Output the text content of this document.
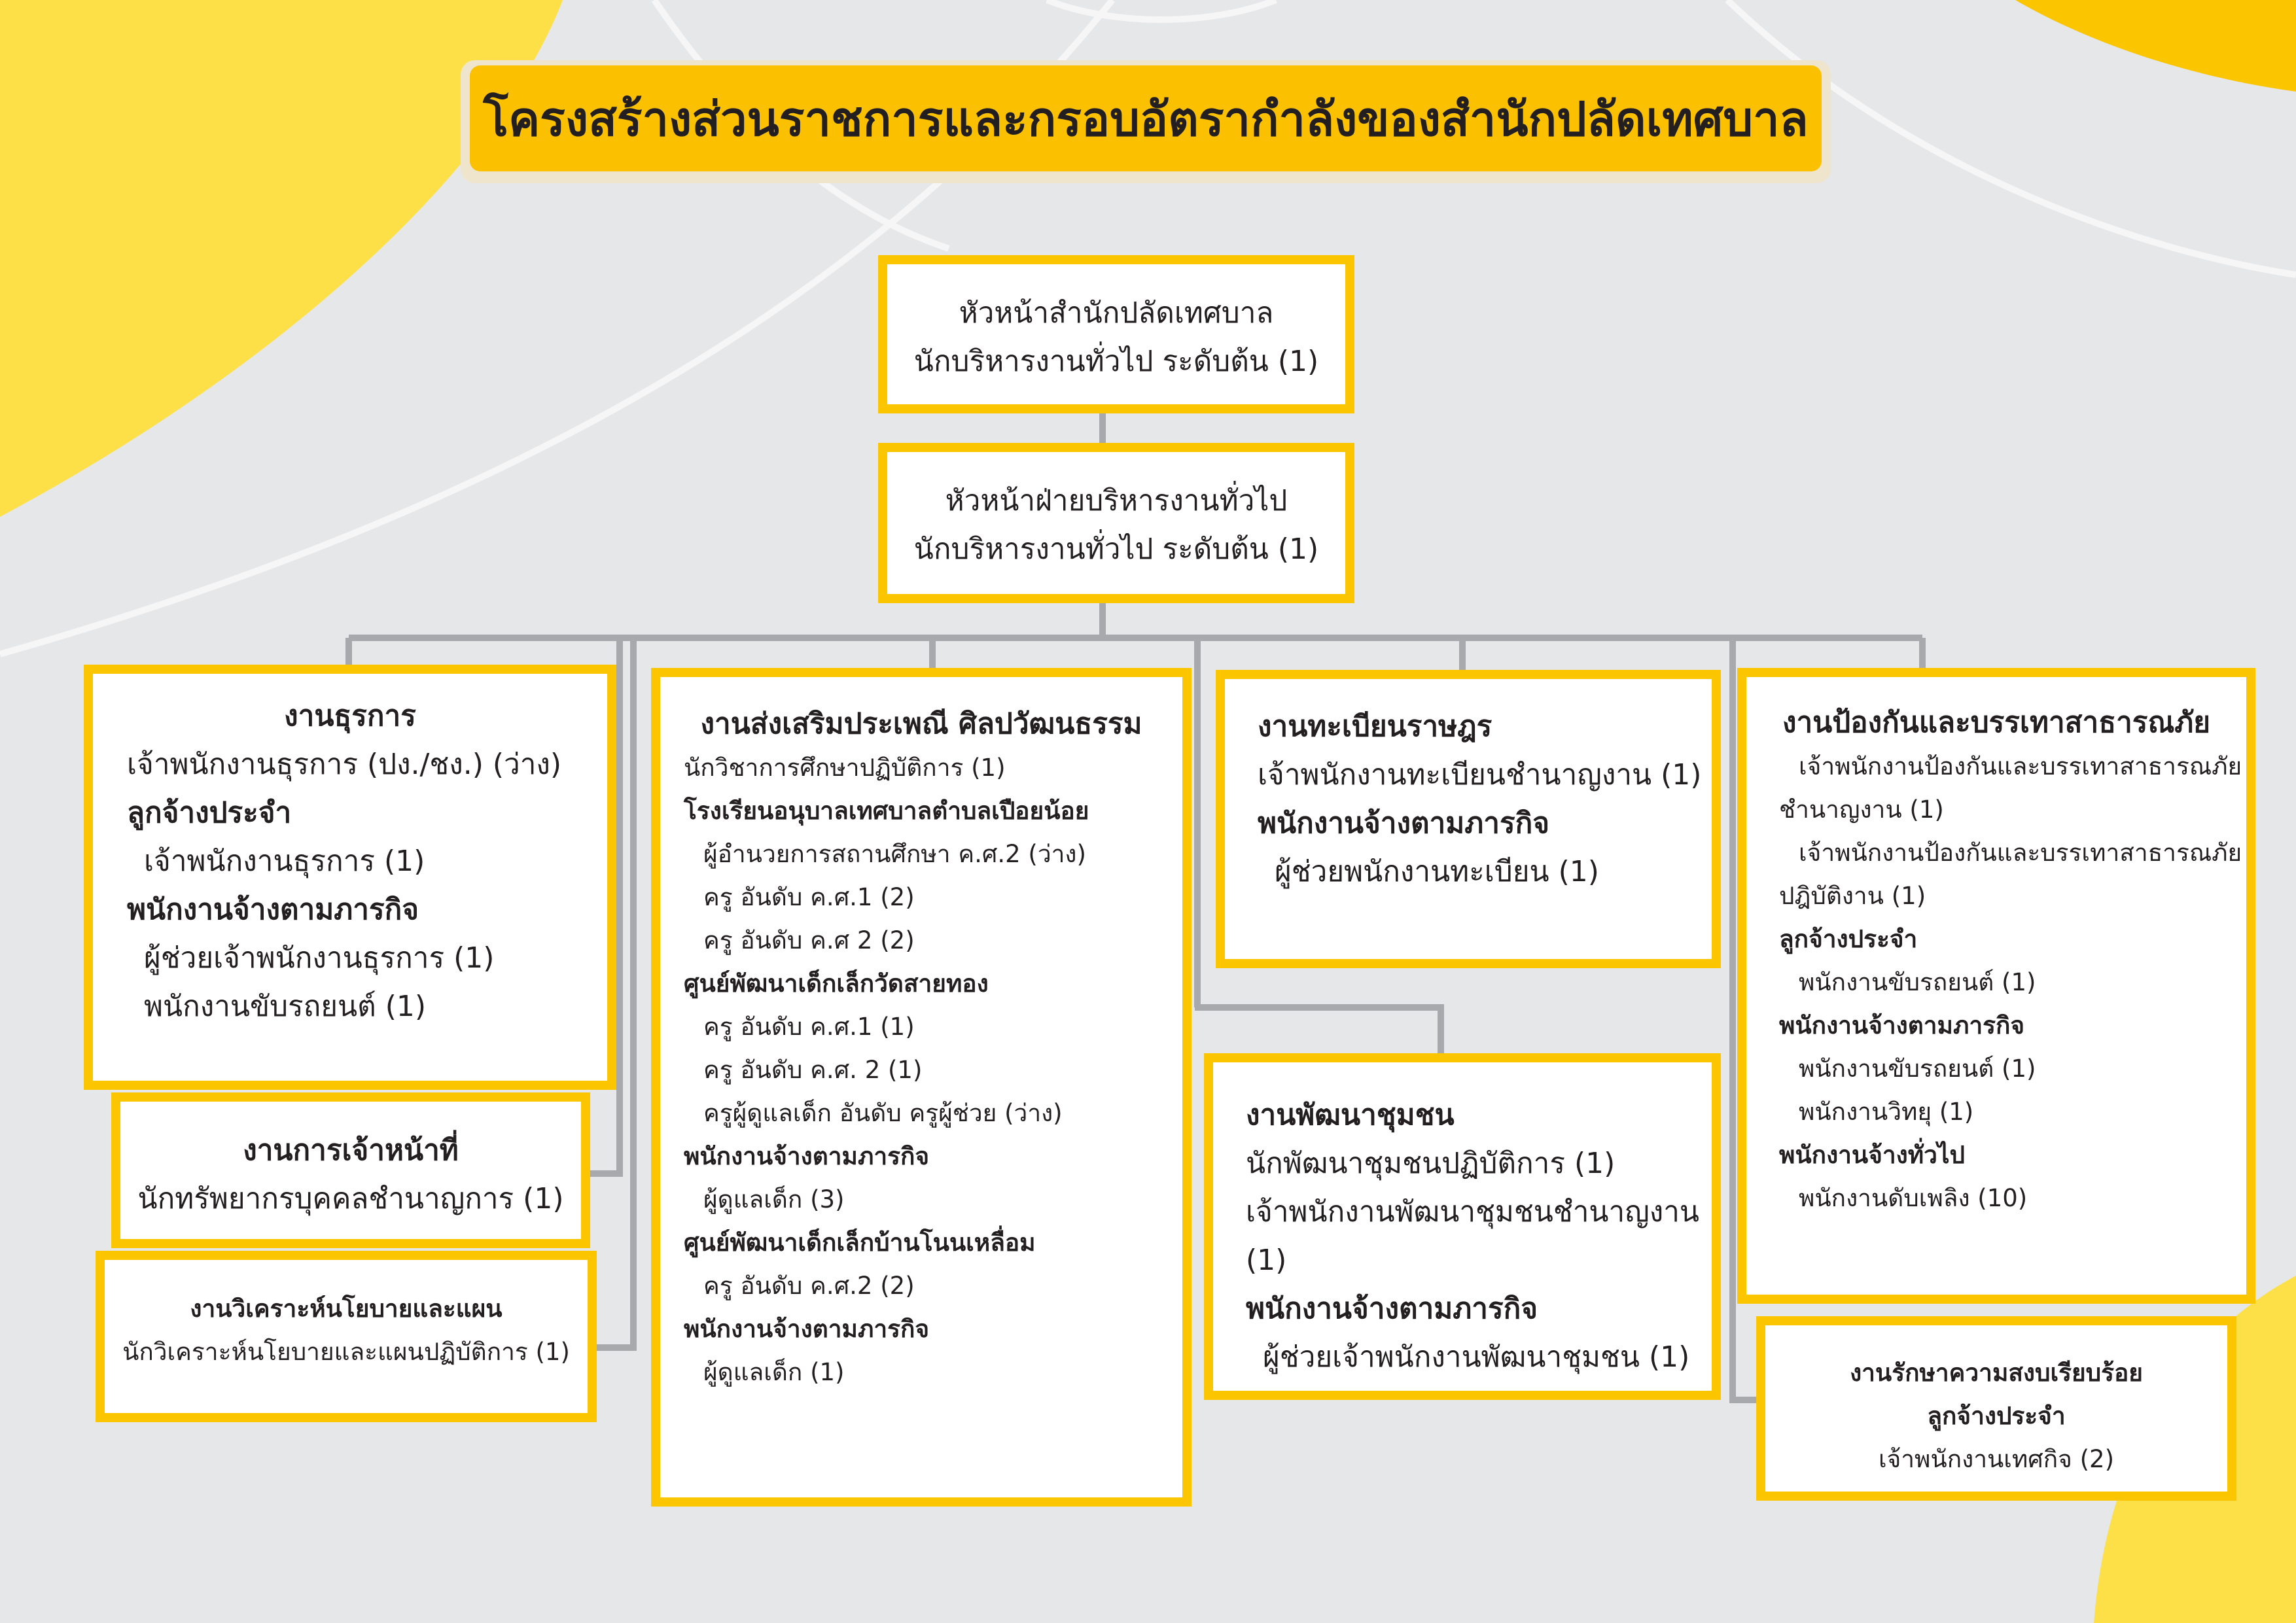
โครงสร้างส่วนราชการและกรอบอัตรากำลังของสำนักปลัดเทศบาล
หัวหน้าสำนักปลัดเทศบาล
นักบริหารงานทั่วไป ระดับต้น (1)
หัวหน้าฝ่ายบริหารงานทั่วไป
นักบริหารงานทั่วไป ระดับต้น (1)
งานธุรการ
เจ้าพนักงานธุรการ (ปง./ชง.) (ว่าง)
ลูกจ้างประจำ
เจ้าพนักงานธุรการ (1)
พนักงานจ้างตามภารกิจ
ผู้ช่วยเจ้าพนักงานธุรการ (1)
พนักงานขับรถยนต์ (1)
งานการเจ้าหน้าที่
นักทรัพยากรบุคคลชำนาญการ (1)
งานวิเคราะห์นโยบายและแผน
นักวิเคราะห์นโยบายและแผนปฏิบัติการ (1)
งานส่งเสริมประเพณี ศิลปวัฒนธรรม
นักวิชาการศึกษาปฏิบัติการ (1)
โรงเรียนอนุบาลเทศบาลตำบลเปือยน้อย
ผู้อำนวยการสถานศึกษา ค.ศ.2 (ว่าง)
ครู อันดับ ค.ศ.1 (2)
ครู อันดับ ค.ศ 2 (2)
ศูนย์พัฒนาเด็กเล็กวัดสายทอง
ครู อันดับ ค.ศ.1 (1)
ครู อันดับ ค.ศ. 2 (1)
ครูผู้ดูแลเด็ก อันดับ ครูผู้ช่วย (ว่าง)
พนักงานจ้างตามภารกิจ
ผู้ดูแลเด็ก (3)
ศูนย์พัฒนาเด็กเล็กบ้านโนนเหลื่อม
ครู อันดับ ค.ศ.2 (2)
พนักงานจ้างตามภารกิจ
ผู้ดูแลเด็ก (1)
งานทะเบียนราษฎร
เจ้าพนักงานทะเบียนชำนาญงาน (1)
พนักงานจ้างตามภารกิจ
ผู้ช่วยพนักงานทะเบียน (1)
งานพัฒนาชุมชน
นักพัฒนาชุมชนปฏิบัติการ (1)
เจ้าพนักงานพัฒนาชุมชนชำนาญงาน
(1)
พนักงานจ้างตามภารกิจ
ผู้ช่วยเจ้าพนักงานพัฒนาชุมชน (1)
งานป้องกันและบรรเทาสาธารณภัย
เจ้าพนักงานป้องกันและบรรเทาสาธารณภัย
ชำนาญงาน (1)
เจ้าพนักงานป้องกันและบรรเทาสาธารณภัย
ปฎิบัติงาน (1)
ลูกจ้างประจำ
พนักงานขับรถยนต์ (1)
พนักงานจ้างตามภารกิจ
พนักงานขับรถยนต์ (1)
พนักงานวิทยุ (1)
พนักงานจ้างทั่วไป
พนักงานดับเพลิง (10)
งานรักษาความสงบเรียบร้อย
ลูกจ้างประจำ
เจ้าพนักงานเทศกิจ (2)
